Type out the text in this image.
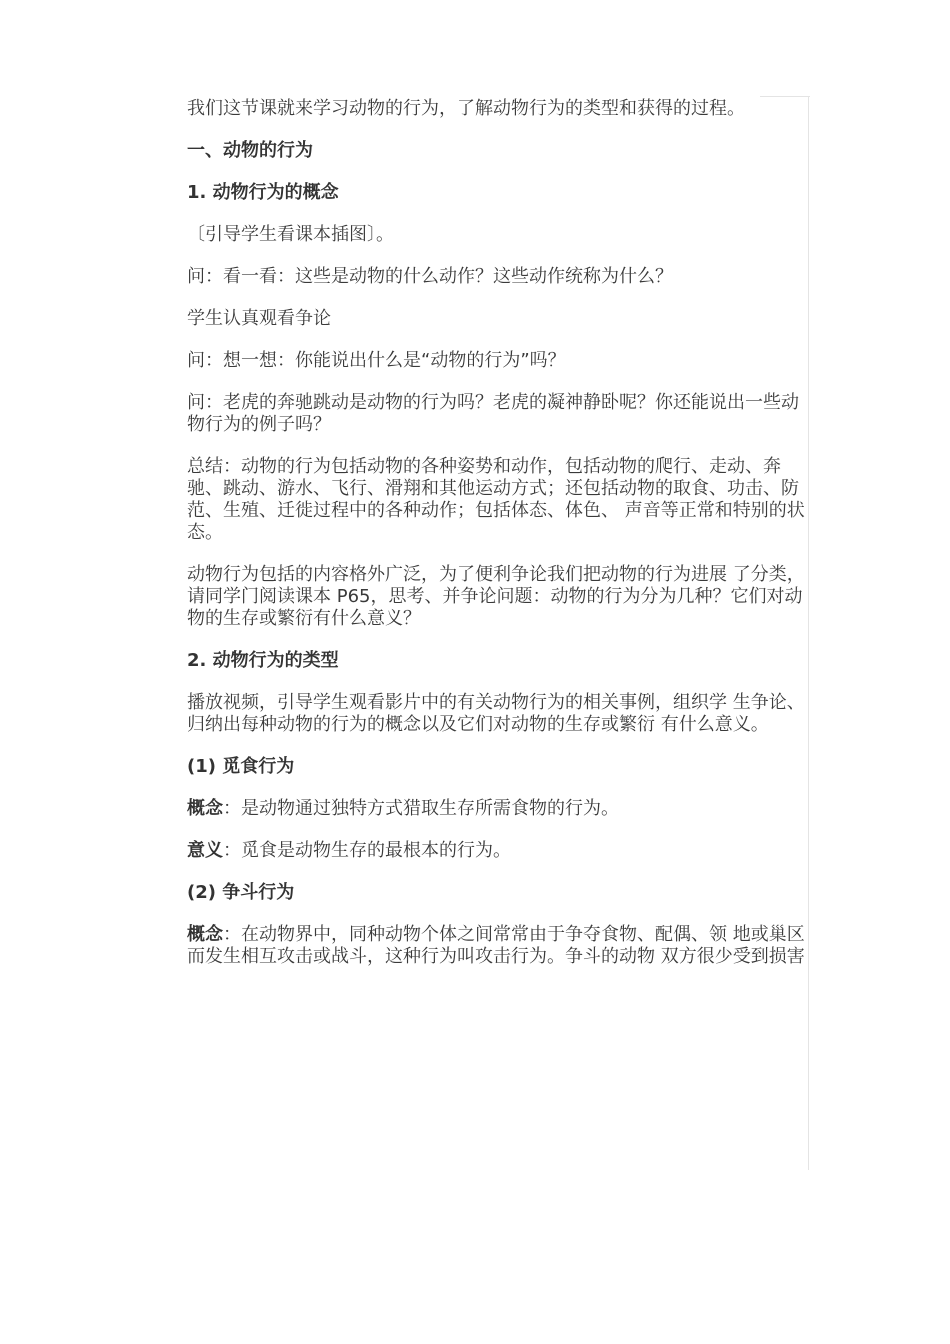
我们这节课就来学习动物的行为，了解动物行为的类型和获得的过程。

一、动物的行为

1. 动物行为的概念

〔引导学生看课本插图〕。

问：看一看：这些是动物的什么动作？这些动作统称为什么？

学生认真观看争论

问：想一想：你能说出什么是“动物的行为”吗？

问：老虎的奔驰跳动是动物的行为吗？老虎的凝神静卧呢？你还能说出一些动物行为的例子吗？

总结：动物的行为包括动物的各种姿势和动作，包括动物的爬行、走动、奔驰、跳动、游水、飞行、滑翔和其他运动方式；还包括动物的取食、功击、防范、生殖、迁徙过程中的各种动作；包括体态、体色、 声音等正常和特别的状态。

动物行为包括的内容格外广泛，为了便利争论我们把动物的行为进展 了分类，请同学门阅读课本 P65，思考、并争论问题：动物的行为分为几种？它们对动物的生存或繁衍有什么意义？

2. 动物行为的类型

播放视频，引导学生观看影片中的有关动物行为的相关事例，组织学 生争论、归纳出每种动物的行为的概念以及它们对动物的生存或繁衍 有什么意义。

(1) 觅食行为

概念：是动物通过独特方式猎取生存所需食物的行为。

意义：觅食是动物生存的最根本的行为。

(2) 争斗行为

概念：在动物界中，同种动物个体之间常常由于争夺食物、配偶、领 地或巢区而发生相互攻击或战斗，这种行为叫攻击行为。争斗的动物 双方很少受到损害
